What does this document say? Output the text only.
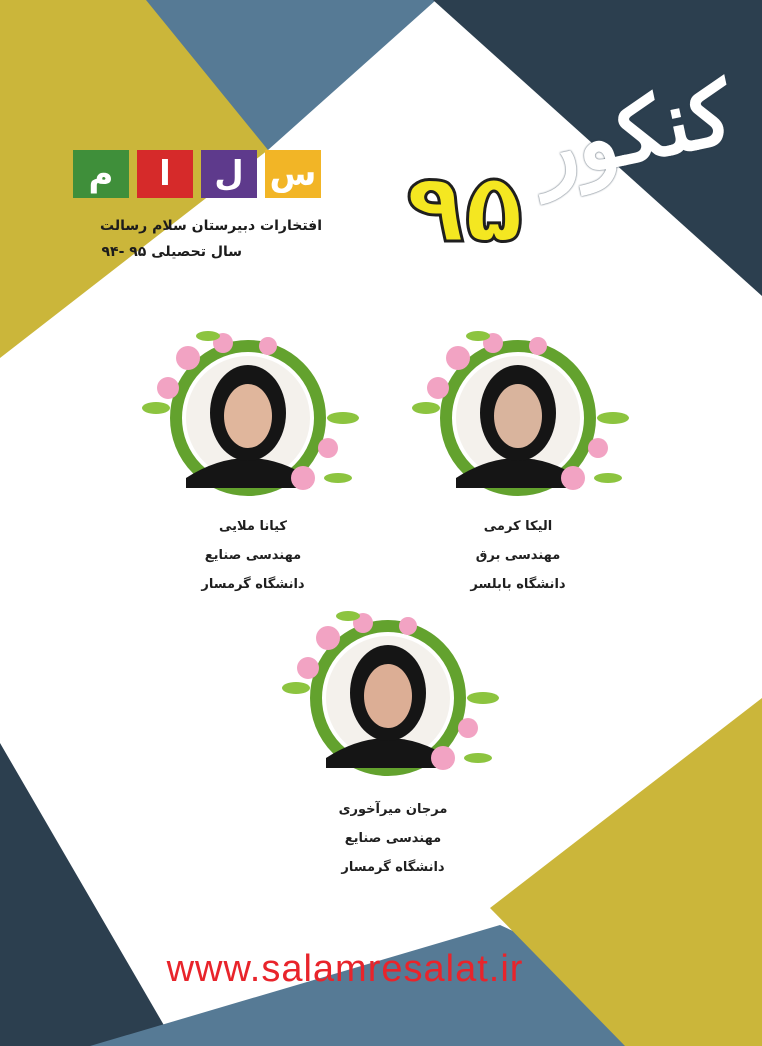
م	ا	ل س
افتخارات دبیرستان سلام رسالت
سال تحصیلی ۹۵ -۹۴
کنکور
۹۵
الیکا کرمی
مهندسی برق
دانشگاه بابلسر
کیانا ملایی
مهندسی صنایع
دانشگاه گرمسار
مرجان میرآخوری
مهندسی صنایع
دانشگاه گرمسار
www.salamresalat.ir
